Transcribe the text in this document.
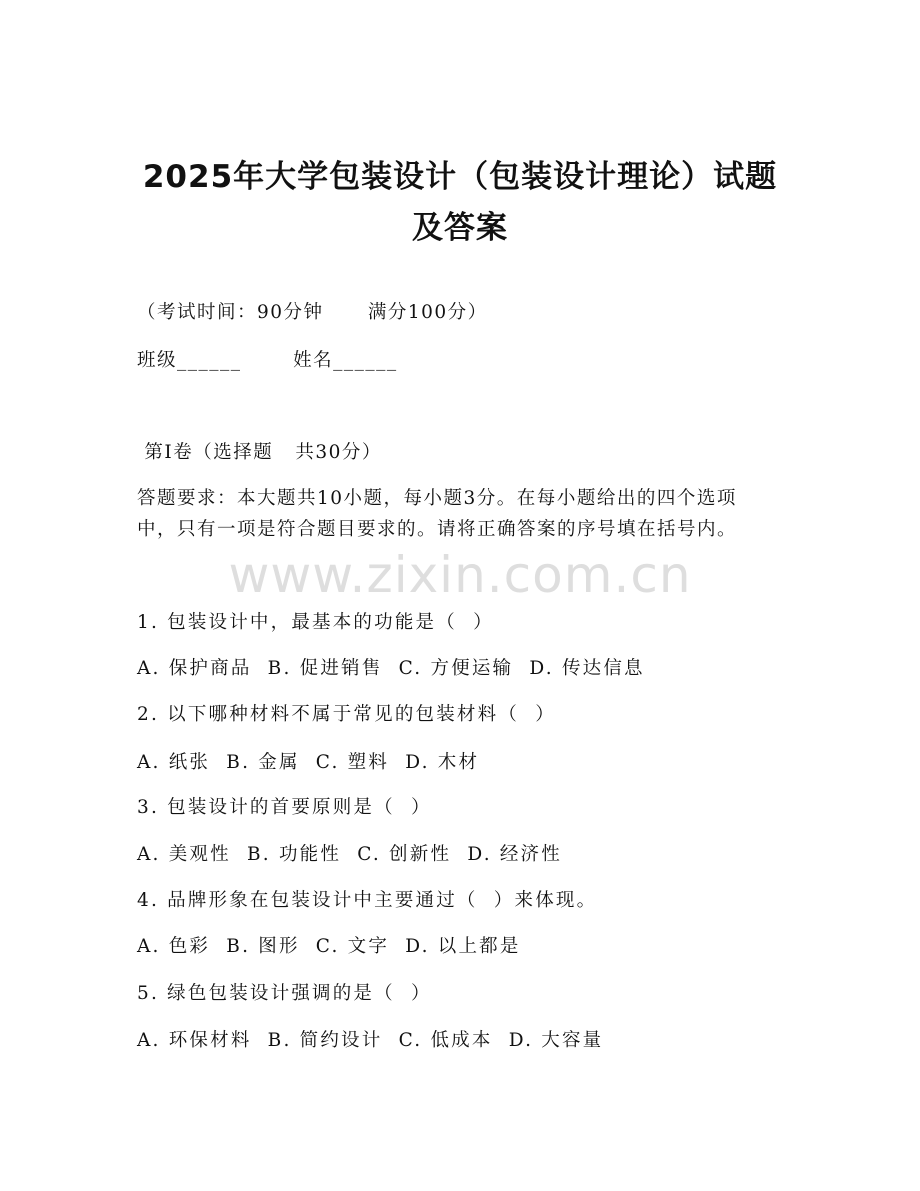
2025年大学包装设计（包装设计理论）试题
及答案
（考试时间：90分钟      满分100分）
班级______       姓名______
第Ⅰ卷（选择题   共30分）
答题要求：本大题共10小题，每小题3分。在每小题给出的四个选项
中，只有一项是符合题目要求的。请将正确答案的序号填在括号内。
www.zixin.com.cn
1. 包装设计中，最基本的功能是（  ）
A. 保护商品  B. 促进销售  C. 方便运输  D. 传达信息
2. 以下哪种材料不属于常见的包装材料（  ）
A. 纸张  B. 金属  C. 塑料  D. 木材
3. 包装设计的首要原则是（  ）
A. 美观性  B. 功能性  C. 创新性  D. 经济性
4. 品牌形象在包装设计中主要通过（  ）来体现。
A. 色彩  B. 图形  C. 文字  D. 以上都是
5. 绿色包装设计强调的是（  ）
A. 环保材料  B. 简约设计  C. 低成本  D. 大容量
